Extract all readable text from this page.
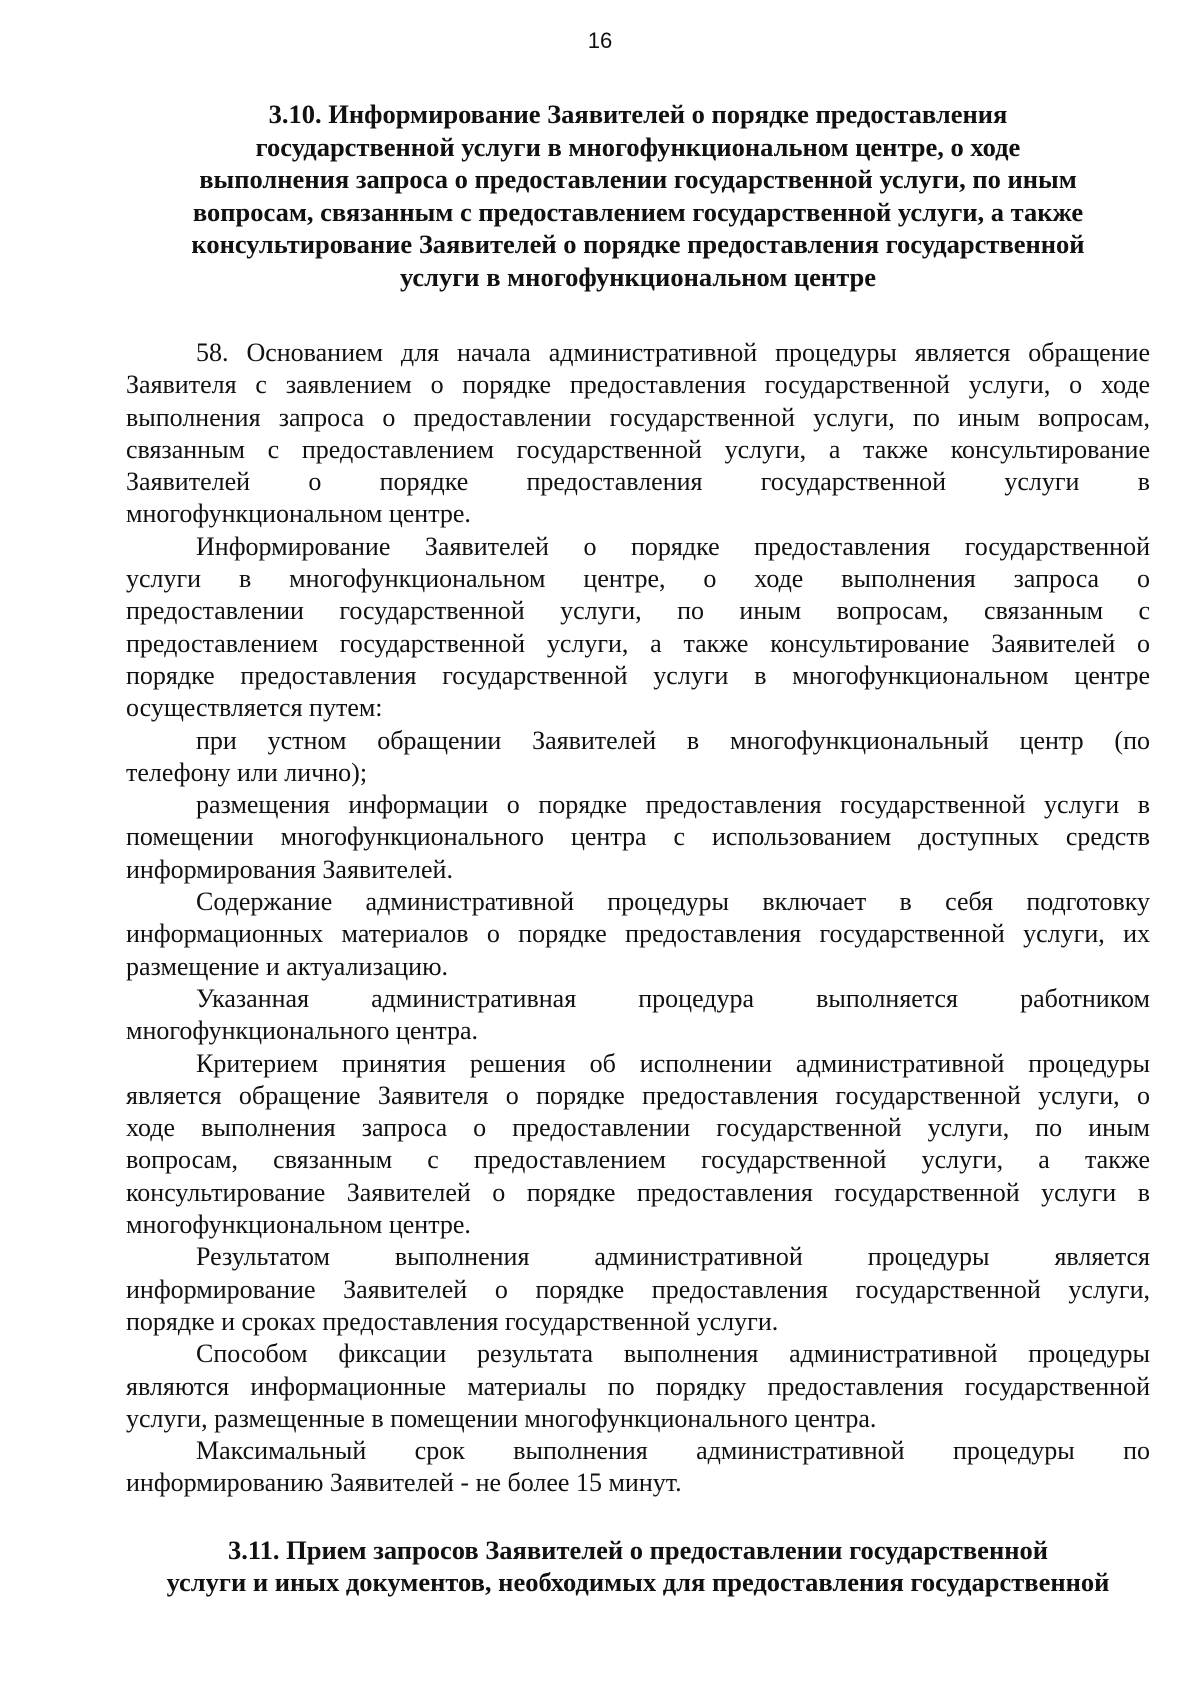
16
3.10. Информирование Заявителей о порядке предоставления
государственной услуги в многофункциональном центре, о ходе
выполнения запроса о предоставлении государственной услуги, по иным
вопросам, связанным с предоставлением государственной услуги, а также
консультирование Заявителей о порядке предоставления государственной
услуги в многофункциональном центре

58. Основанием для начала административной процедуры является обращение
Заявителя с заявлением о порядке предоставления государственной услуги, о ходе
выполнения запроса о предоставлении государственной услуги, по иным вопросам,
связанным с предоставлением государственной услуги, а также консультирование
Заявителей о порядке предоставления государственной услуги в
многофункциональном центре.

Информирование Заявителей о порядке предоставления государственной
услуги в многофункциональном центре, о ходе выполнения запроса о
предоставлении государственной услуги, по иным вопросам, связанным с
предоставлением государственной услуги, а также консультирование Заявителей о
порядке предоставления государственной услуги в многофункциональном центре
осуществляется путем:

при устном обращении Заявителей в многофункциональный центр (по
телефону или лично);

размещения информации о порядке предоставления государственной услуги в
помещении многофункционального центра с использованием доступных средств
информирования Заявителей.

Содержание административной процедуры включает в себя подготовку
информационных материалов о порядке предоставления государственной услуги, их
размещение и актуализацию.

Указанная административная процедура выполняется работником
многофункционального центра.

Критерием принятия решения об исполнении административной процедуры
является обращение Заявителя о порядке предоставления государственной услуги, о
ходе выполнения запроса о предоставлении государственной услуги, по иным
вопросам, связанным с предоставлением государственной услуги, а также
консультирование Заявителей о порядке предоставления государственной услуги в
многофункциональном центре.

Результатом выполнения административной процедуры является
информирование Заявителей о порядке предоставления государственной услуги,
порядке и сроках предоставления государственной услуги.

Способом фиксации результата выполнения административной процедуры
являются информационные материалы по порядку предоставления государственной
услуги, размещенные в помещении многофункционального центра.

Максимальный срок выполнения административной процедуры по
информированию Заявителей - не более 15 минут.

3.11. Прием запросов Заявителей о предоставлении государственной
услуги и иных документов, необходимых для предоставления государственной
